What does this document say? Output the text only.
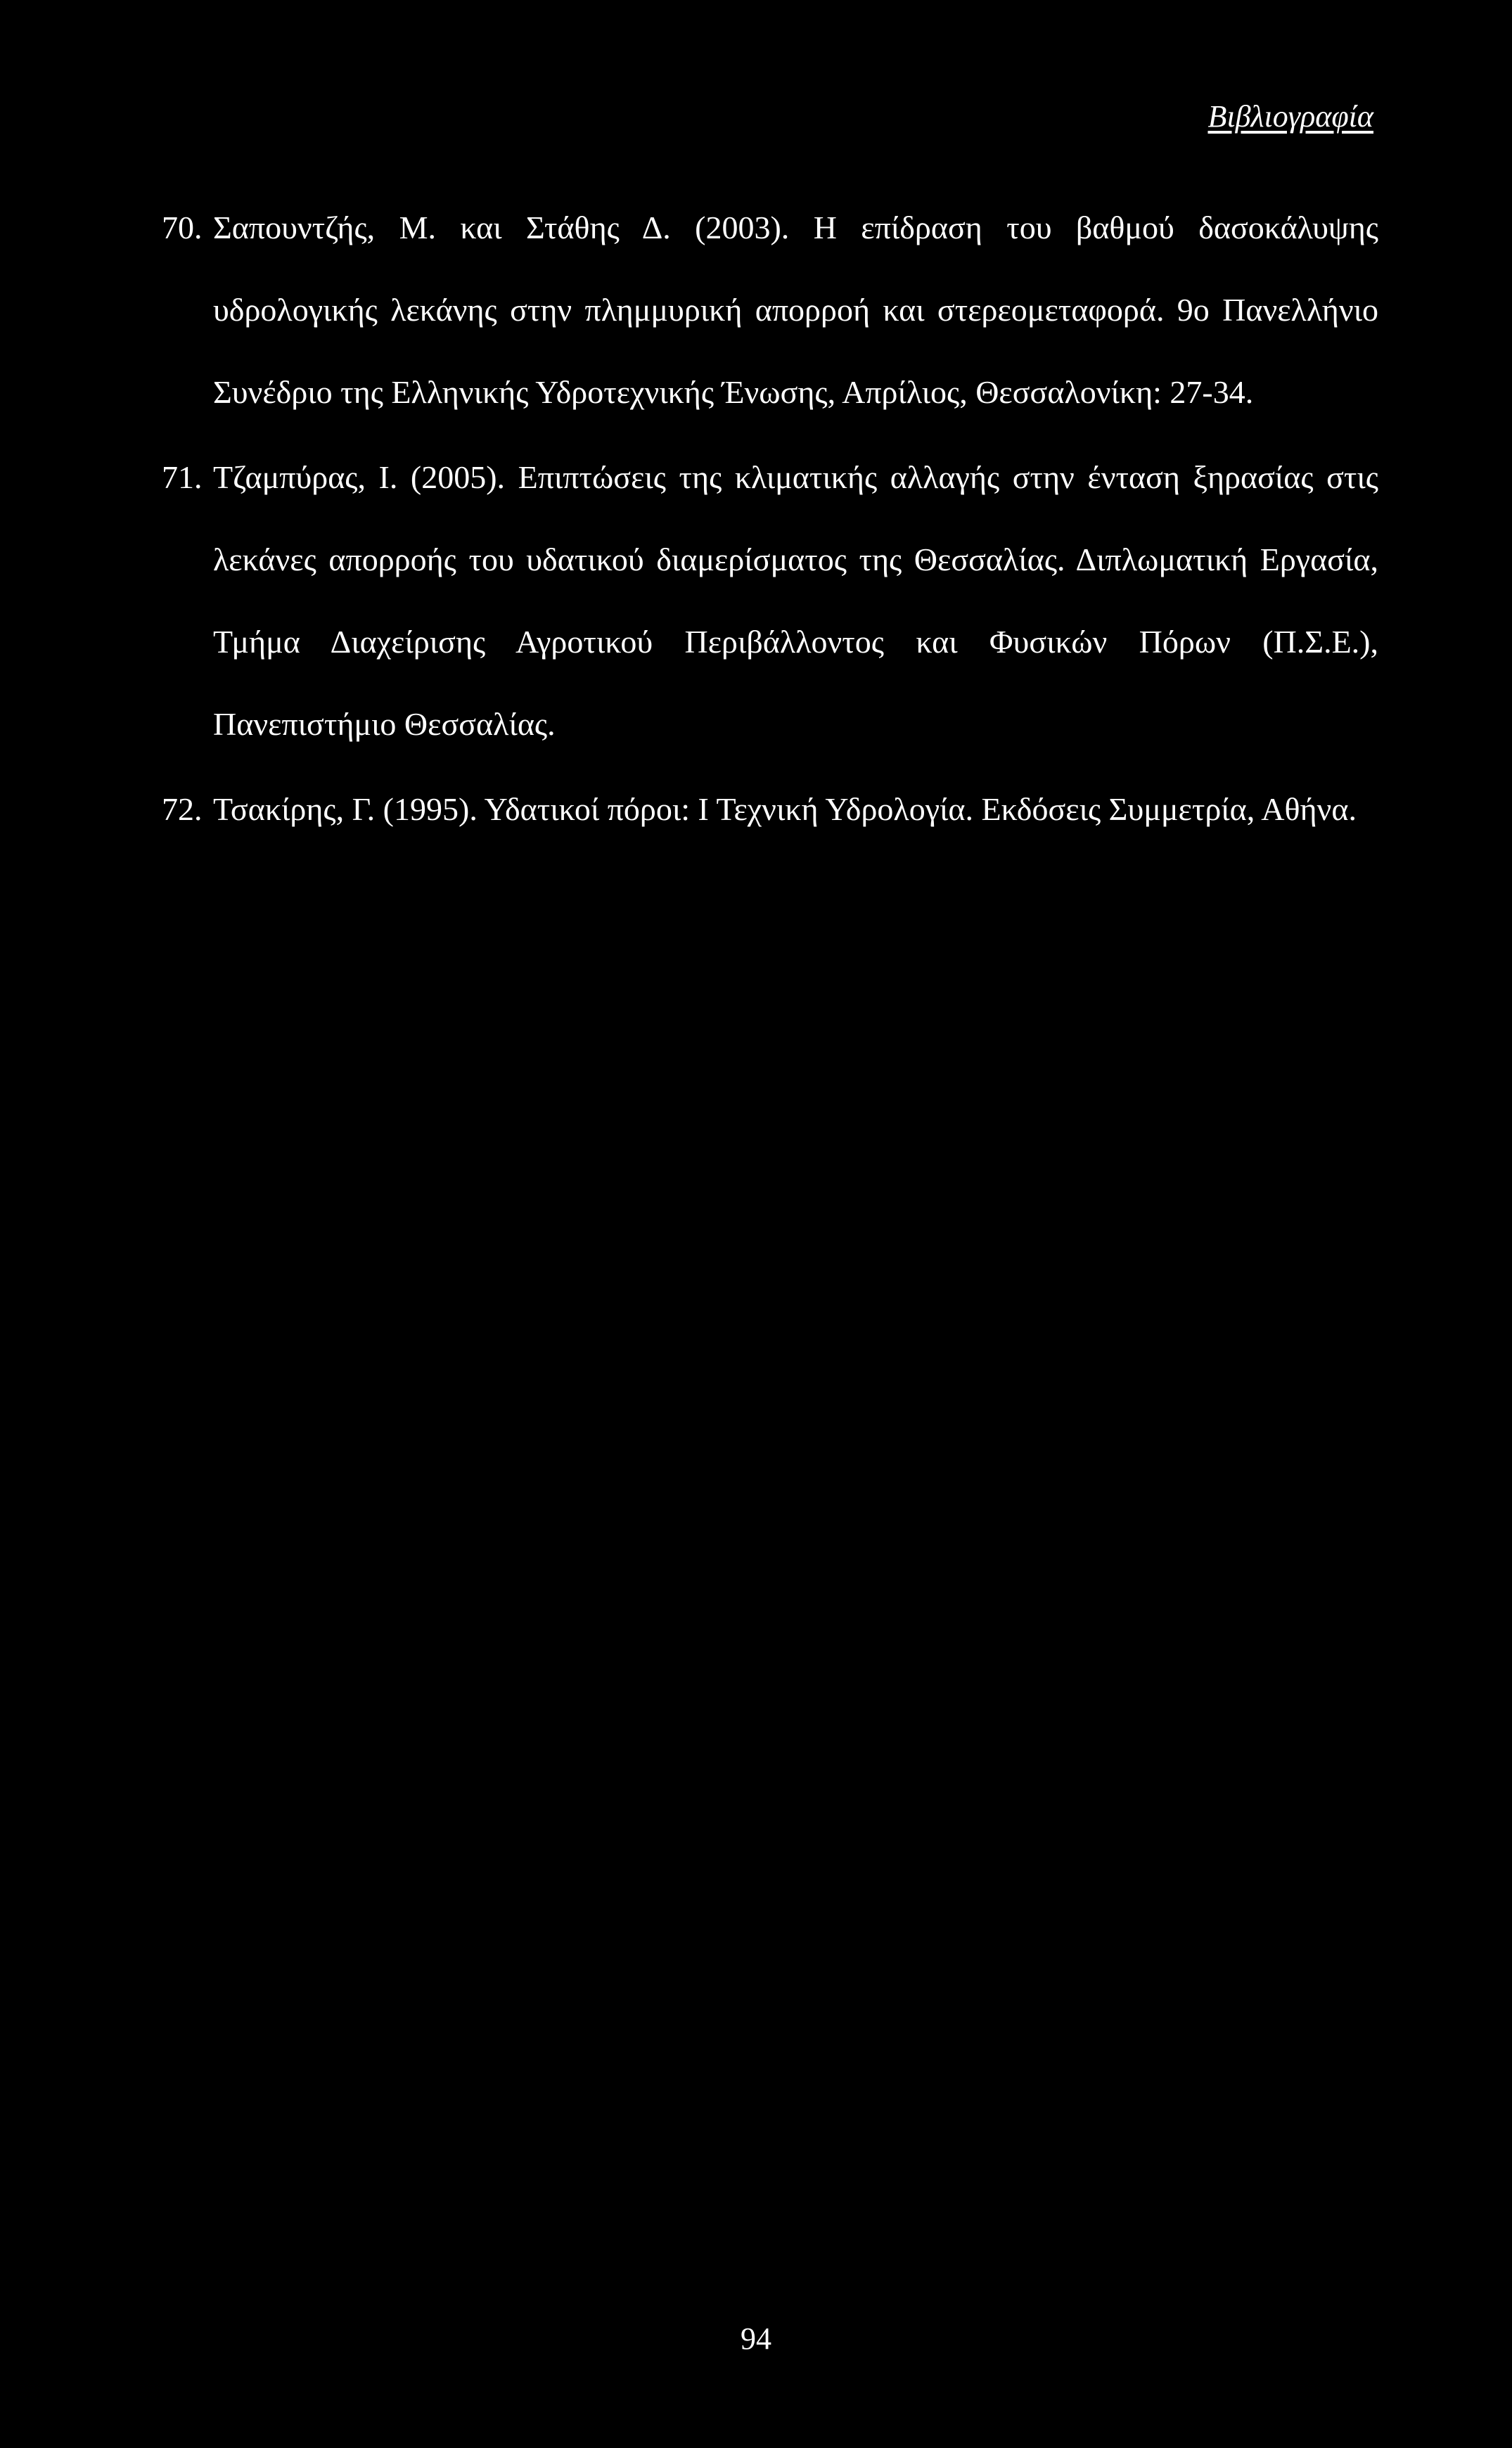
Βιβλιογραφία
70. Σαπουντζής, Μ. και Στάθης Δ. (2003). Η επίδραση του βαθμού δασοκάλυψης υδρολογικής λεκάνης στην πλημμυρική απορροή και στερεομεταφορά. 9ο Πανελλήνιο Συνέδριο της Ελληνικής Υδροτεχνικής Ένωσης, Απρίλιος, Θεσσαλονίκη: 27-34.
71. Τζαμπύρας, Ι. (2005). Επιπτώσεις της κλιματικής αλλαγής στην ένταση ξηρασίας στις λεκάνες απορροής του υδατικού διαμερίσματος της Θεσσαλίας. Διπλωματική Εργασία, Τμήμα Διαχείρισης Αγροτικού Περιβάλλοντος και Φυσικών Πόρων (Π.Σ.Ε.), Πανεπιστήμιο Θεσσαλίας.
72. Τσακίρης, Γ. (1995). Υδατικοί πόροι: Ι Τεχνική Υδρολογία. Εκδόσεις Συμμετρία, Αθήνα.
94
